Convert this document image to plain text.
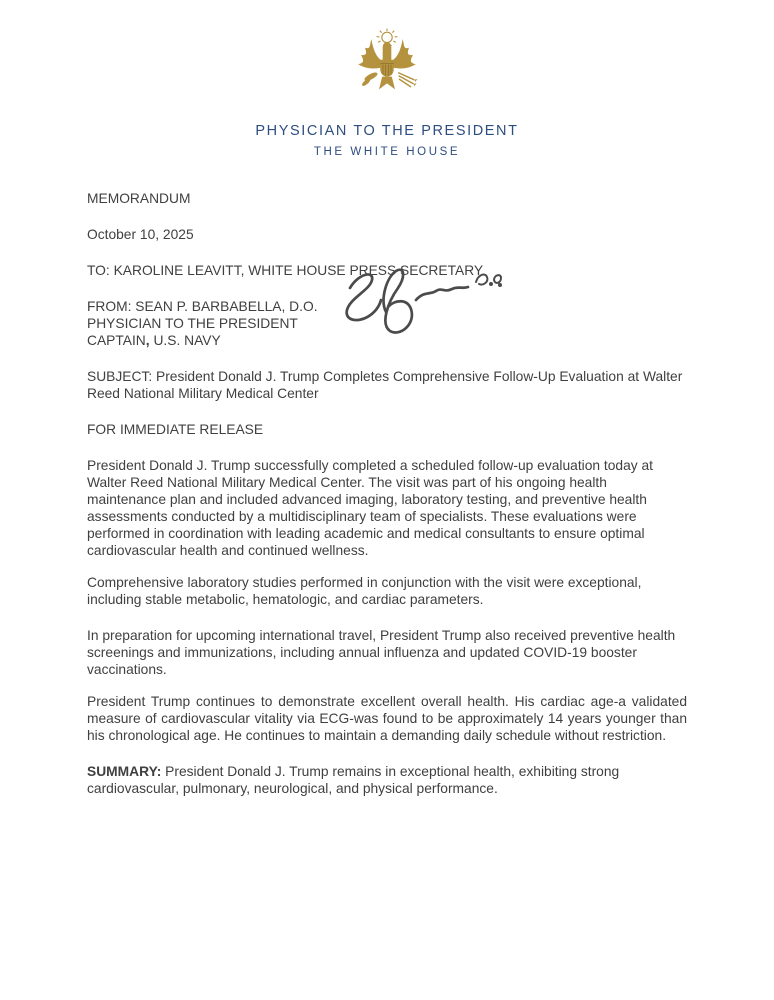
PHYSICIAN TO THE PRESIDENT
THE WHITE HOUSE

MEMORANDUM

October 10, 2025

TO: KAROLINE LEAVITT, WHITE HOUSE PRESS SECRETARY

FROM: SEAN P. BARBABELLA, D.O.

PHYSICIAN TO THE PRESIDENT

CAPTAIN, U.S. NAVY

SUBJECT: President Donald J. Trump Completes Comprehensive Follow-Up Evaluation at Walter Reed National Military Medical Center

FOR IMMEDIATE RELEASE

President Donald J. Trump successfully completed a scheduled follow-up evaluation today at Walter Reed National Military Medical Center. The visit was part of his ongoing health maintenance plan and included advanced imaging, laboratory testing, and preventive health assessments conducted by a multidisciplinary team of specialists. These evaluations were performed in coordination with leading academic and medical consultants to ensure optimal cardiovascular health and continued wellness.

Comprehensive laboratory studies performed in conjunction with the visit were exceptional, including stable metabolic, hematologic, and cardiac parameters.

In preparation for upcoming international travel, President Trump also received preventive health screenings and immunizations, including annual influenza and updated COVID-19 booster vaccinations.

President Trump continues to demonstrate excellent overall health. His cardiac age-a validated measure of cardiovascular vitality via ECG-was found to be approximately 14 years younger than his chronological age. He continues to maintain a demanding daily schedule without restriction.

SUMMARY: President Donald J. Trump remains in exceptional health, exhibiting strong cardiovascular, pulmonary, neurological, and physical performance.
